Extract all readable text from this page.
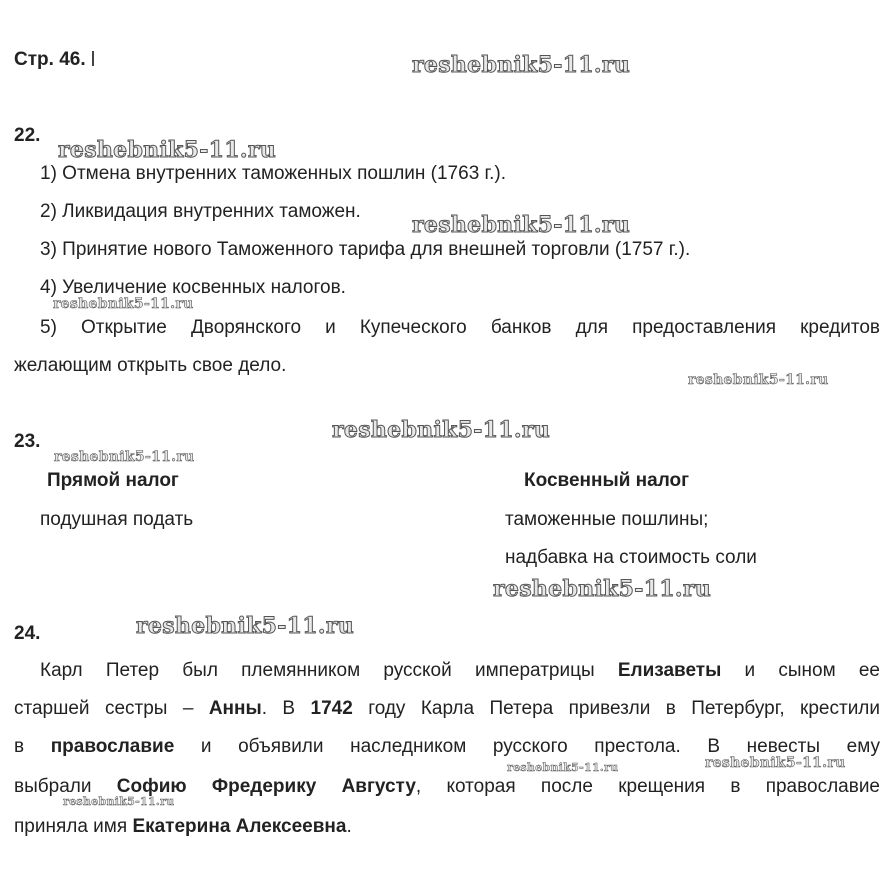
Стр. 46.	reshebnik5-11.ru
reshebnik5-11.ru
reshebnik5-11.ru
reshebnik5-11.ru
reshebnik5-11.ru
reshebnik5-11.ru
reshebnik5-11.ru
reshebnik5-11.ru
reshebnik5-11.ru
reshebnik5-11.ru	reshebnik5-11.ru
reshebnik5-11.ru
22.
1) Отмена внутренних таможенных пошлин (1763 г.).
2) Ликвидация внутренних таможен.
3) Принятие нового Таможенного тарифа для внешней торговли (1757 г.).
4) Увеличение косвенных налогов.
5) Открытие Дворянского и Купеческого банков для предоставления кредитов
желающим открыть свое дело.
23.
Прямой налог	Косвенный налог
подушная подать	таможенные пошлины;
надбавка на стоимость соли
24.
Карл Петер был племянником русской императрицы Елизаветы и сыном ее
старшей сестры – Анны. В 1742 году Карла Петера привезли в Петербург, крестили
в православие и объявили наследником русского престола. В невесты ему
выбрали Софию Фредерику Августу, которая после крещения в православие
приняла имя Екатерина Алексеевна.
